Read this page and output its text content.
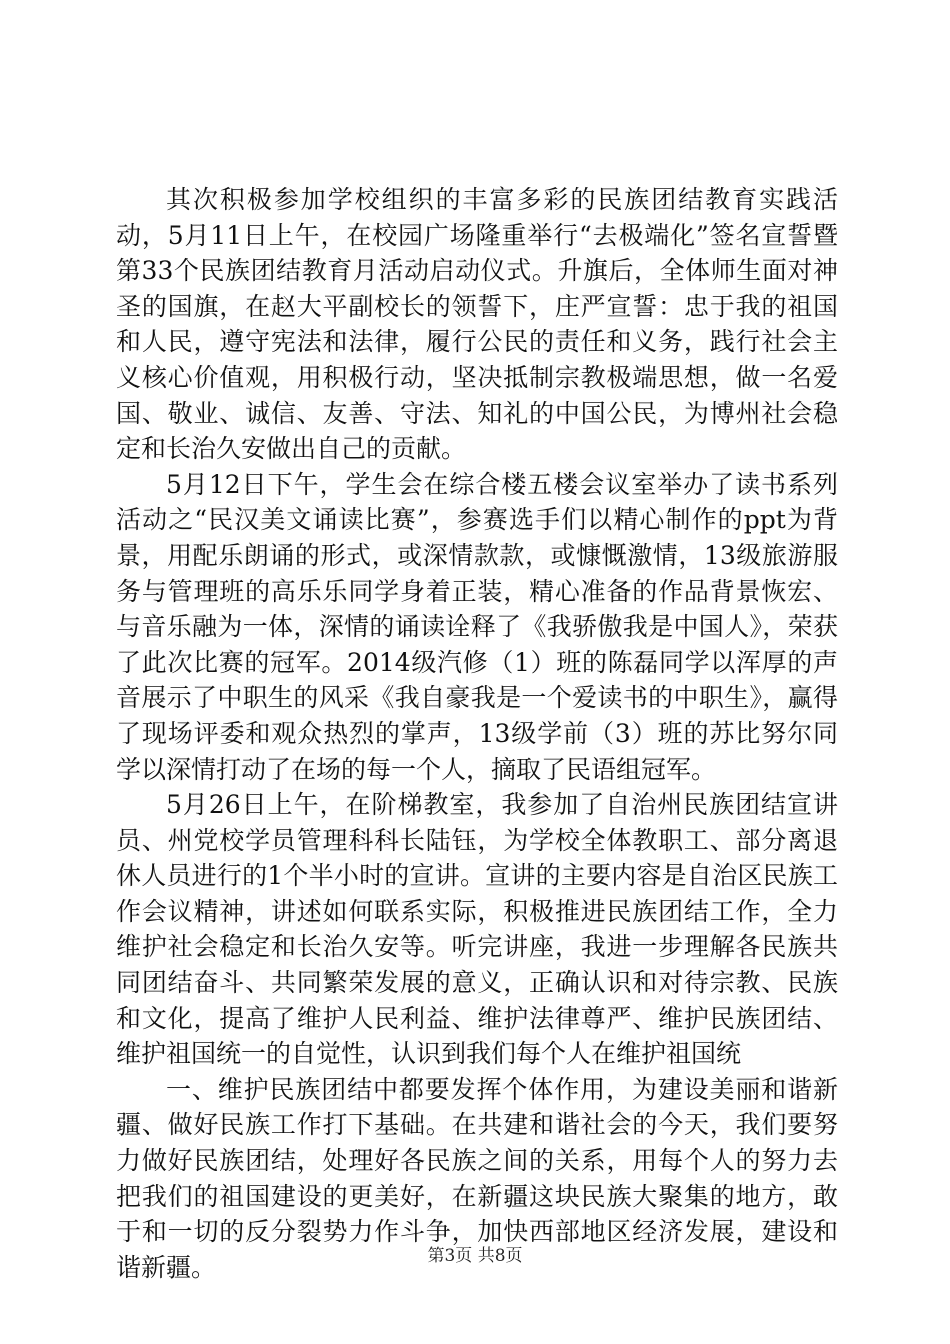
其次积极参加学校组织的丰富多彩的民族团结教育实践活动，5月11日上午，在校园广场隆重举行“去极端化”签名宣誓暨第33个民族团结教育月活动启动仪式。升旗后，全体师生面对神圣的国旗，在赵大平副校长的领誓下，庄严宣誓：忠于我的祖国和人民，遵守宪法和法律，履行公民的责任和义务，践行社会主义核心价值观，用积极行动，坚决抵制宗教极端思想，做一名爱国、敬业、诚信、友善、守法、知礼的中国公民，为博州社会稳定和长治久安做出自己的贡献。

5月12日下午，学生会在综合楼五楼会议室举办了读书系列活动之“民汉美文诵读比赛”，参赛选手们以精心制作的ppt为背景，用配乐朗诵的形式，或深情款款，或慷慨激情，13级旅游服务与管理班的高乐乐同学身着正装，精心准备的作品背景恢宏、与音乐融为一体，深情的诵读诠释了《我骄傲我是中国人》，荣获了此次比赛的冠军。2014级汽修（1）班的陈磊同学以浑厚的声音展示了中职生的风采《我自豪我是一个爱读书的中职生》，赢得了现场评委和观众热烈的掌声，13级学前（3）班的苏比努尔同学以深情打动了在场的每一个人，摘取了民语组冠军。

5月26日上午，在阶梯教室，我参加了自治州民族团结宣讲员、州党校学员管理科科长陆钰，为学校全体教职工、部分离退休人员进行的1个半小时的宣讲。宣讲的主要内容是自治区民族工作会议精神，讲述如何联系实际，积极推进民族团结工作，全力维护社会稳定和长治久安等。听完讲座，我进一步理解各民族共同团结奋斗、共同繁荣发展的意义，正确认识和对待宗教、民族和文化，提高了维护人民利益、维护法律尊严、维护民族团结、维护祖国统一的自觉性，认识到我们每个人在维护祖国统

一、维护民族团结中都要发挥个体作用，为建设美丽和谐新疆、做好民族工作打下基础。在共建和谐社会的今天，我们要努力做好民族团结，处理好各民族之间的关系，用每个人的努力去把我们的祖国建设的更美好，在新疆这块民族大聚集的地方，敢于和一切的反分裂势力作斗争，加快西部地区经济发展，建设和谐新疆。	第3页 共8页
